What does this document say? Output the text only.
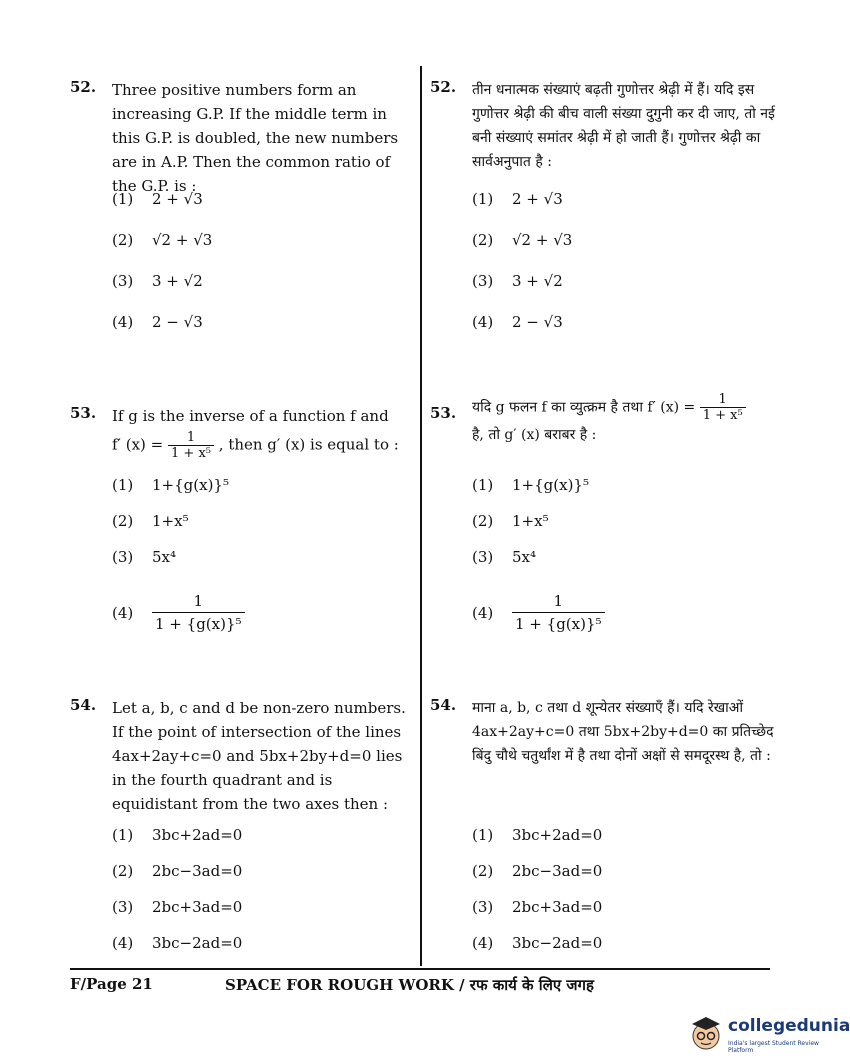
52. Three positive numbers form an increasing G.P. If the middle term in this G.P. is doubled, the new numbers are in A.P. Then the common ratio of the G.P. is :
(1) 2 + √3
(2) √2 + √3
(3) 3 + √2
(4) 2 − √3
53. If g is the inverse of a function f and
f′ $(x) = \frac{1}{\text{1 + x⁵}}$ , then g′ (x) is equal to :
(1) 1+{g(x)}⁵
(2) 1+x⁵
(3) 5x⁴
$(4) \frac{1}{\text{1 + \{g(x)\}⁵}}$
54. Let a, b, c and d be non-zero numbers. If the point of intersection of the lines 4ax+2ay+c=0 and 5bx+2by+d=0 lies in the fourth quadrant and is equidistant from the two axes then :
(1) 3bc+2ad=0
(2) 2bc−3ad=0
(3) 2bc+3ad=0
(4) 3bc−2ad=0
52. तीन धनात्मक संख्याएं बढ़ती गुणोत्तर श्रेढ़ी में हैं। यदि इस गुणोत्तर श्रेढ़ी की बीच वाली संख्या दुगुनी कर दी जाए, तो नई बनी संख्याएं समांतर श्रेढ़ी में हो जाती हैं। गुणोत्तर श्रेढ़ी का सार्वअनुपात है :
(1) 2 + √3
(2) √2 + √3
(3) 3 + √2
(4) 2 − √3
53. यदि g फलन f का व्युत्क्रम है तथा f′ $(x) = \frac{1}{\text{1 + x⁵}}$
है, तो g′ (x) बराबर है :
(1) 1+{g(x)}⁵
(2) 1+x⁵
(3) 5x⁴
$(4) \frac{1}{\text{1 + \{g(x)\}⁵}}$
54. माना a, b, c तथा d शून्येतर संख्याएँ हैं। यदि रेखाओं 4ax+2ay+c=0 तथा 5bx+2by+d=0 का प्रतिच्छेद बिंदु चौथे चतुर्थांश में है तथा दोनों अक्षों से समदूरस्थ है, तो :
(1) 3bc+2ad=0
(2) 2bc−3ad=0
(3) 2bc+3ad=0
(4) 3bc−2ad=0
F/Page 21	SPACE FOR ROUGH WORK / रफ कार्य के लिए जगह
collegedunia
India's largest Student Review Platform
